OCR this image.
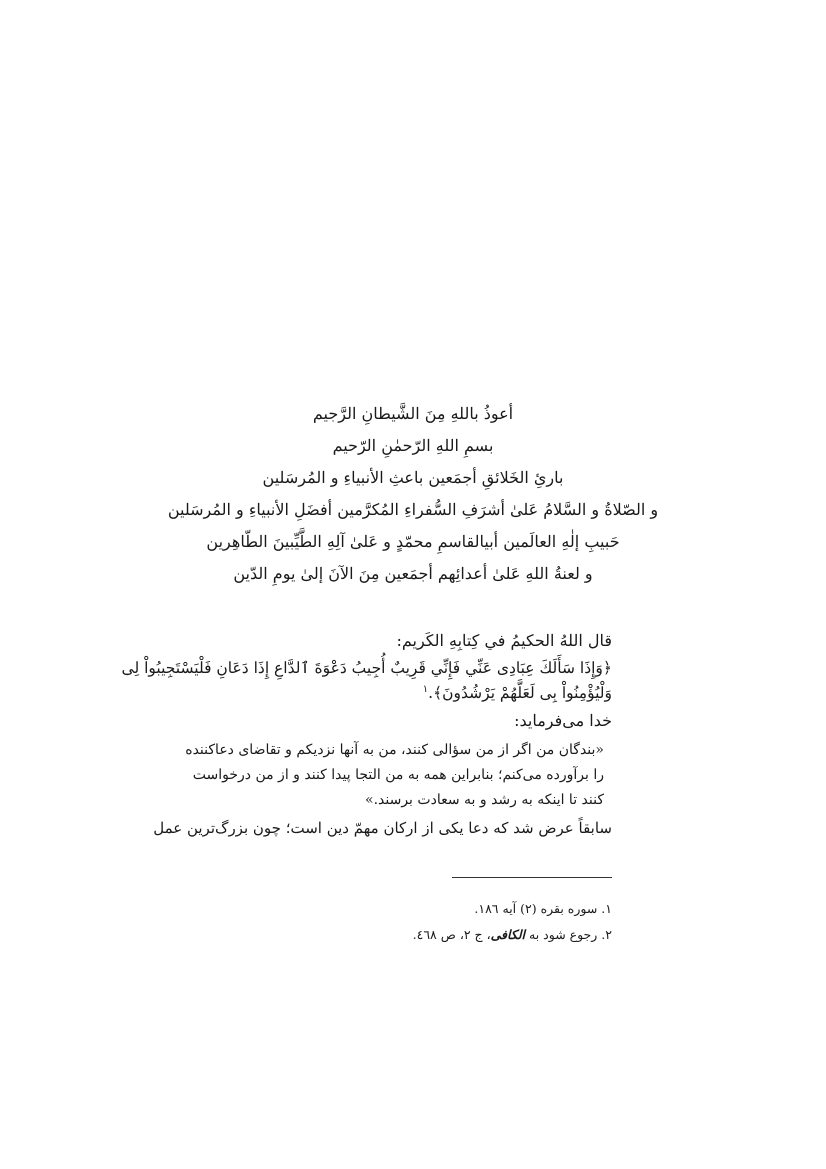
أعوذُ باللهِ مِنَ الشَّيطانِ الرَّجيم
بسمِ اللهِ الرّحمٰنِ الرّحيم
بارئِ الخَلائقِ أجمَعين باعثِ الأنبياءِ و المُرسَلين
و الصّلاةُ و السَّلامُ عَلیٰ أشرَفِ السُّفراءِ المُكرَّمين أفضَلِ الأنبياءِ و المُرسَلين
حَبيبِ إلٰهِ العالَمين أبیالقاسمِ محمّدٍ و عَلیٰ آلِهِ الطَّيِّبينَ الطّاهِرين
و لعنةُ اللهِ عَلیٰ أعدائِهم أجمَعين مِنَ الآنَ إلیٰ يومِ الدّين
قال اللهُ الحكيمُ في كِتابِهِ الكَريم:
﴿وَإِذَا سَأَلَكَ عِبَادِى عَنِّي فَإِنِّي قَرِيبٌ أُجِيبُ دَعْوَةَ ٱلدَّاعِ إِذَا دَعَانِ فَلْيَسْتَجِيبُواْ لِى
وَلْيُؤْمِنُواْ بِى لَعَلَّهُمْ يَرْشُدُونَ﴾.$^١$
خدا می‌فرماید:
«بندگان من اگر از من سؤالی کنند، من به آنها نزدیکم و تقاضای دعاکننده
را برآورده می‌کنم؛ بنابراین همه به من التجا پیدا کنند و از من درخواست
کنند تا اینکه به رشد و به سعادت برسند.»
سابقاً عرض شد که دعا یکی از ارکان مهمّ دین است؛ چون بزرگ‌ترین عمل
١. سوره بقره (٢) آیه ١٨٦.
٢. رجوع شود به الكافی، ج ٢، ص ٤٦٨.
